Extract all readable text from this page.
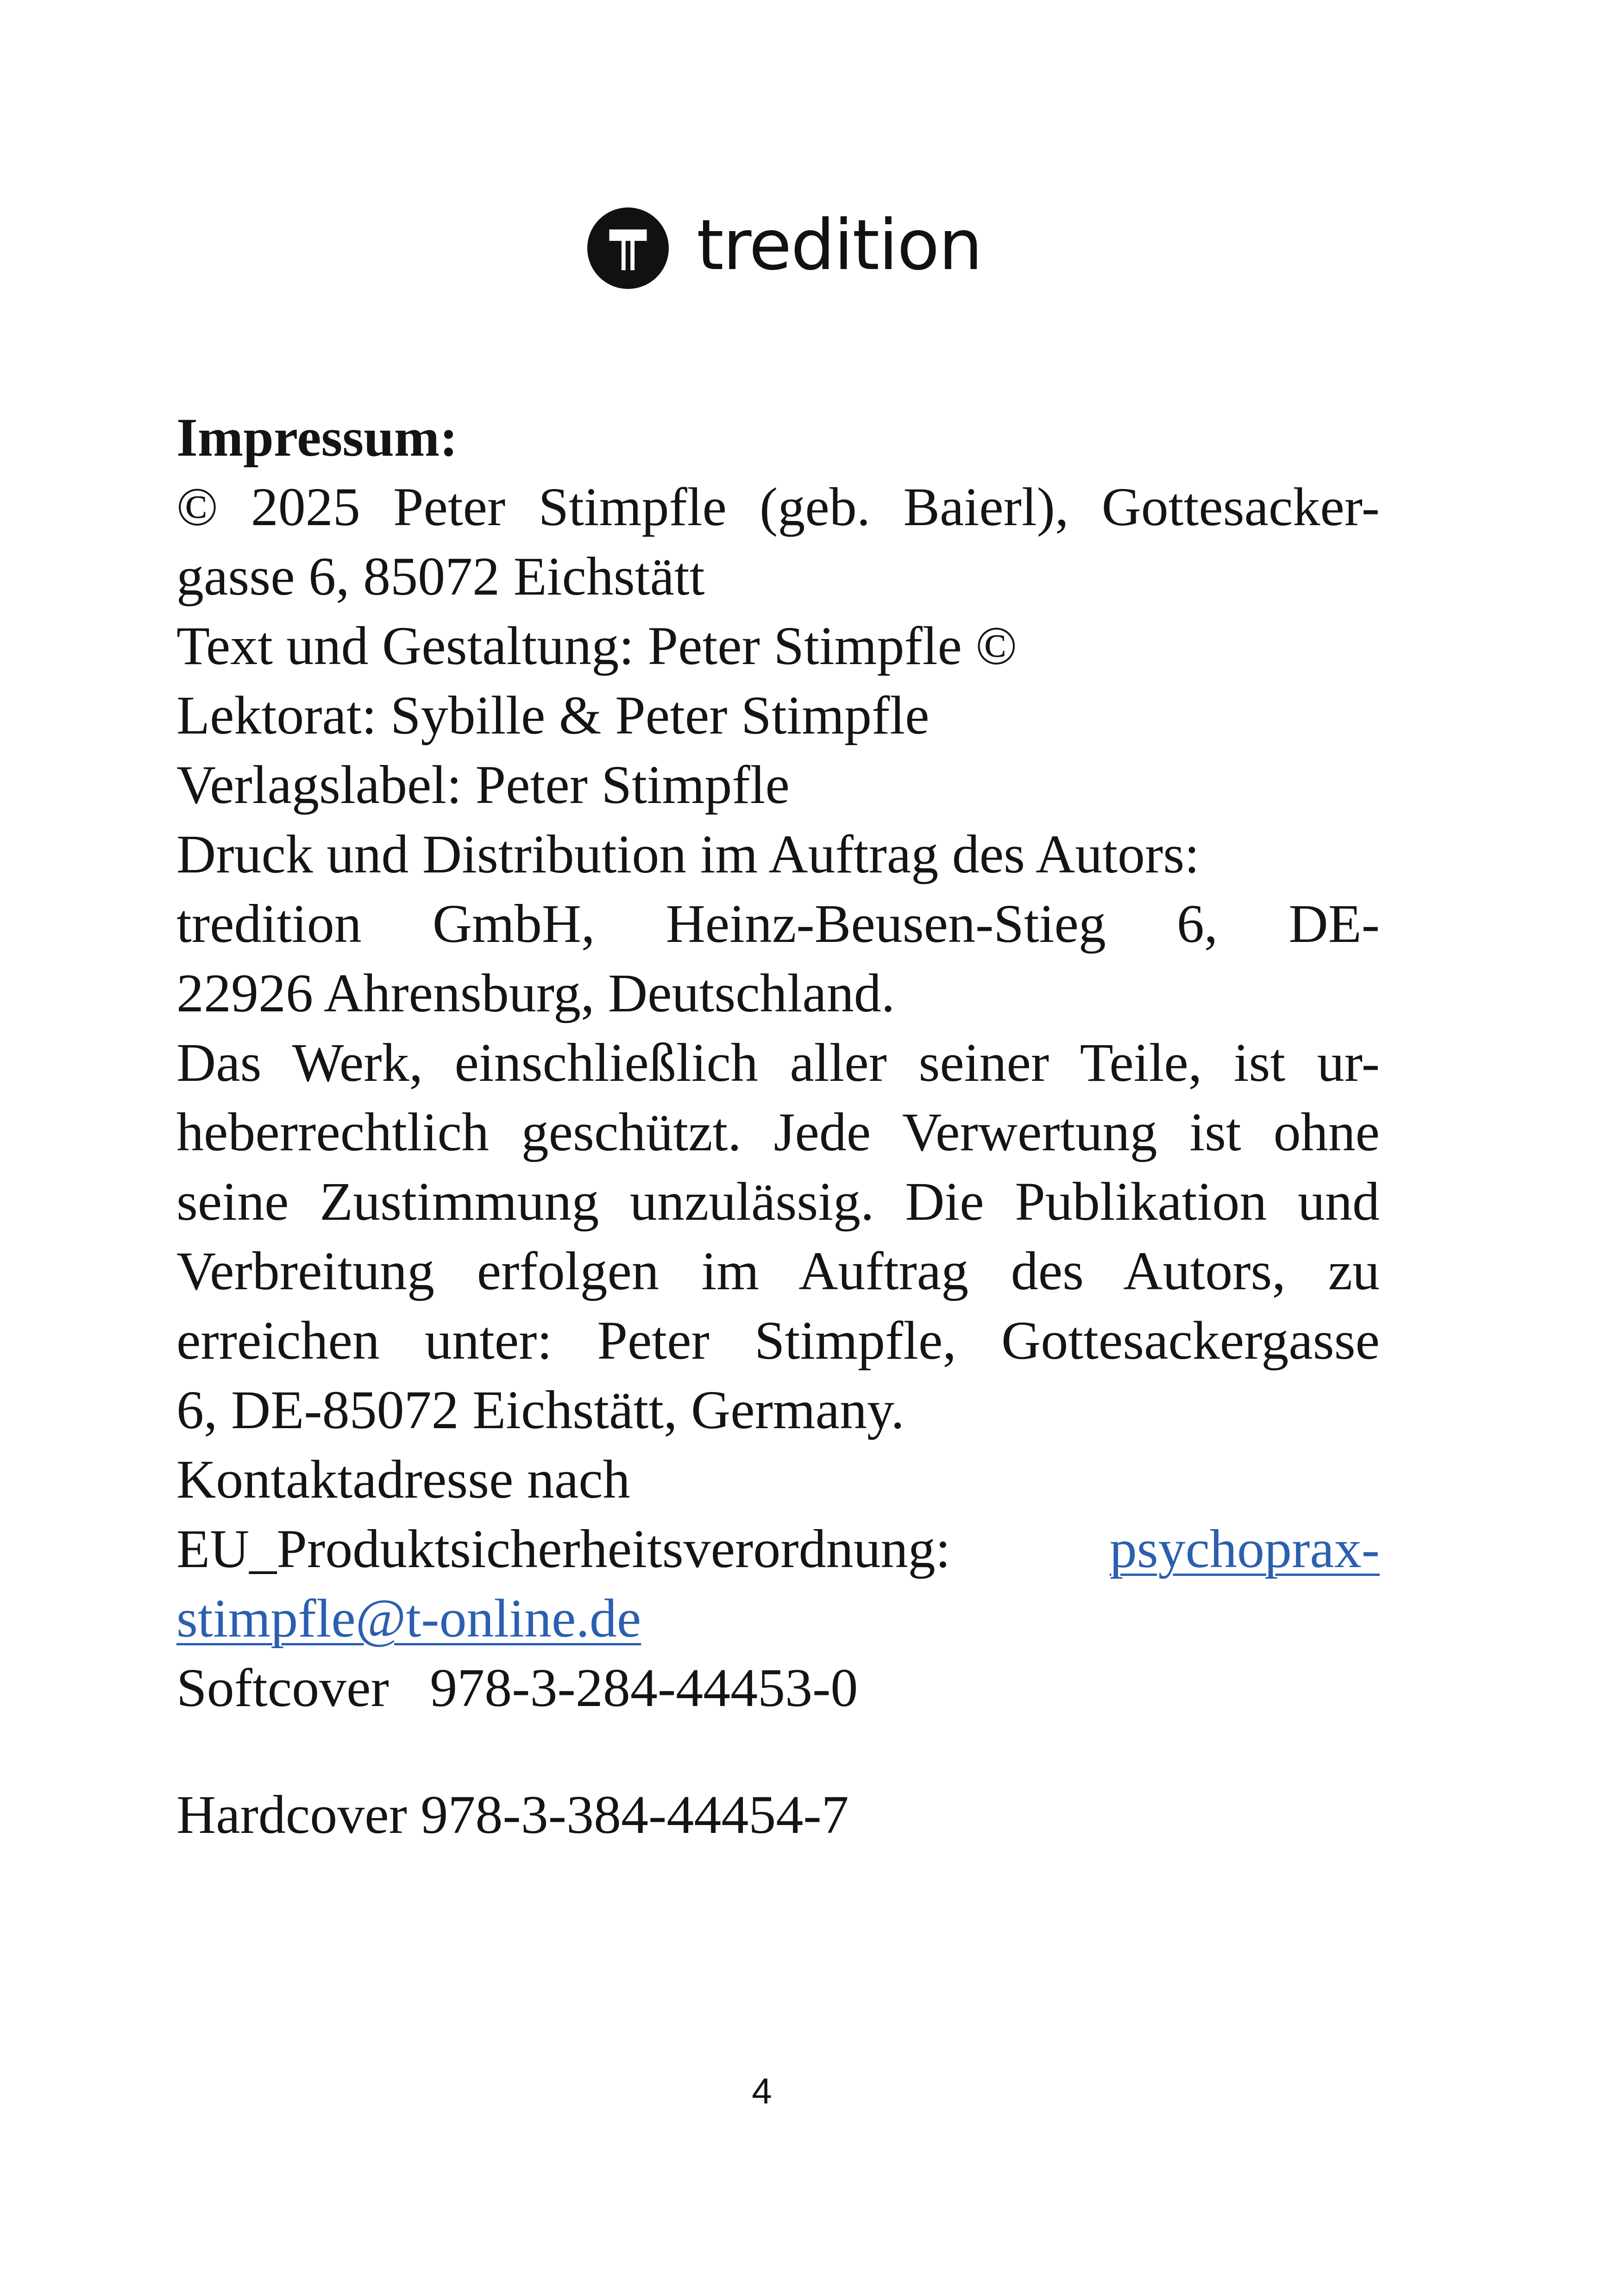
tredition
Impressum:
© 2025 Peter Stimpfle (geb. Baierl), Gottesacker-
gasse 6, 85072 Eichstätt
Text und Gestaltung: Peter Stimpfle ©
Lektorat: Sybille & Peter Stimpfle
Verlagslabel: Peter Stimpfle
Druck und Distribution im Auftrag des Autors:
tredition GmbH, Heinz-Beusen-Stieg 6, DE-
22926 Ahrensburg, Deutschland.
Das Werk, einschließlich aller seiner Teile, ist ur-
heberrechtlich geschützt. Jede Verwertung ist ohne
seine Zustimmung unzulässig. Die Publikation und
Verbreitung erfolgen im Auftrag des Autors, zu
erreichen unter: Peter Stimpfle, Gottesackergasse
6, DE-85072 Eichstätt, Germany.
Kontaktadresse nach
EU_Produktsicherheitsverordnung:	psychoprax-
stimpfle@t-online.de
Softcover   978-3-284-44453-0
Hardcover 978-3-384-44454-7
4
